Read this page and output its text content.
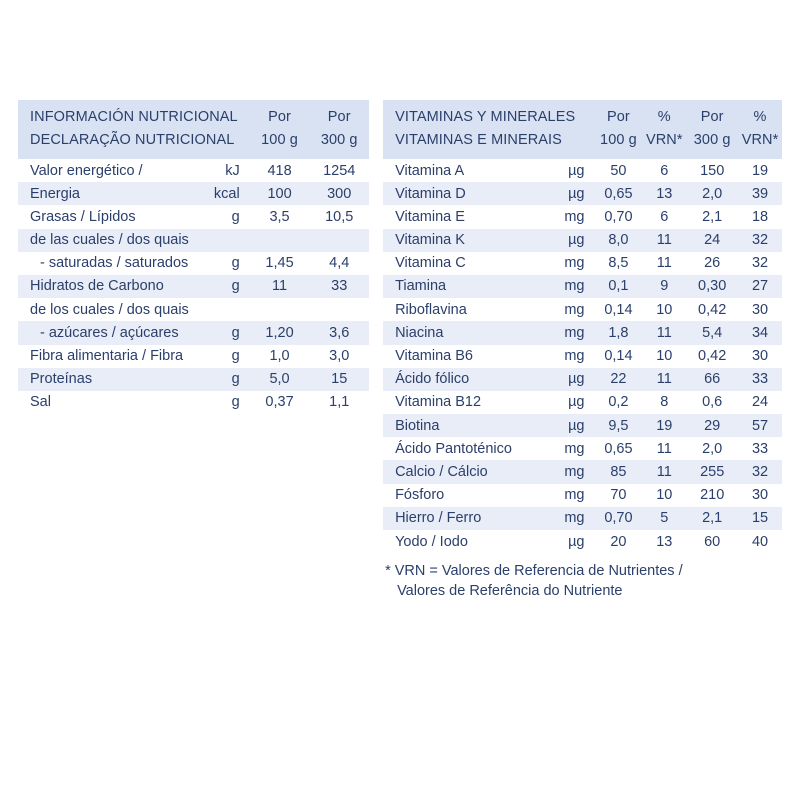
INFORMACIÓN NUTRICIONAL		Por	Por
DECLARAÇÃO NUTRICIONAL		100 g	300 g
Valor energético /	kJ	418	1254
Energia	kcal	100	300
Grasas / Lípidos	g	3,5	10,5
de las cuales / dos quais			
- saturadas / saturados	g	1,45	4,4
Hidratos de Carbono	g	11	33
de los cuales / dos quais			
- azúcares / açúcares	g	1,20	3,6
Fibra alimentaria / Fibra	g	1,0	3,0
Proteínas	g	5,0	15
Sal	g	0,37	1,1
VITAMINAS Y MINERALES		Por	%	Por	%
VITAMINAS E MINERAIS		100 g	VRN*	300 g	VRN*
Vitamina A	µg	50	6	150	19
Vitamina D	µg	0,65	13	2,0	39
Vitamina E	mg	0,70	6	2,1	18
Vitamina K	µg	8,0	11	24	32
Vitamina C	mg	8,5	11	26	32
Tiamina	mg	0,1	9	0,30	27
Riboflavina	mg	0,14	10	0,42	30
Niacina	mg	1,8	11	5,4	34
Vitamina B6	mg	0,14	10	0,42	30
Ácido fólico	µg	22	11	66	33
Vitamina B12	µg	0,2	8	0,6	24
Biotina	µg	9,5	19	29	57
Ácido Pantoténico	mg	0,65	11	2,0	33
Calcio / Cálcio	mg	85	11	255	32
Fósforo	mg	70	10	210	30
Hierro / Ferro	mg	0,70	5	2,1	15
Yodo / Iodo	µg	20	13	60	40
* VRN = Valores de Referencia de Nutrientes /
Valores de Referência do Nutriente
